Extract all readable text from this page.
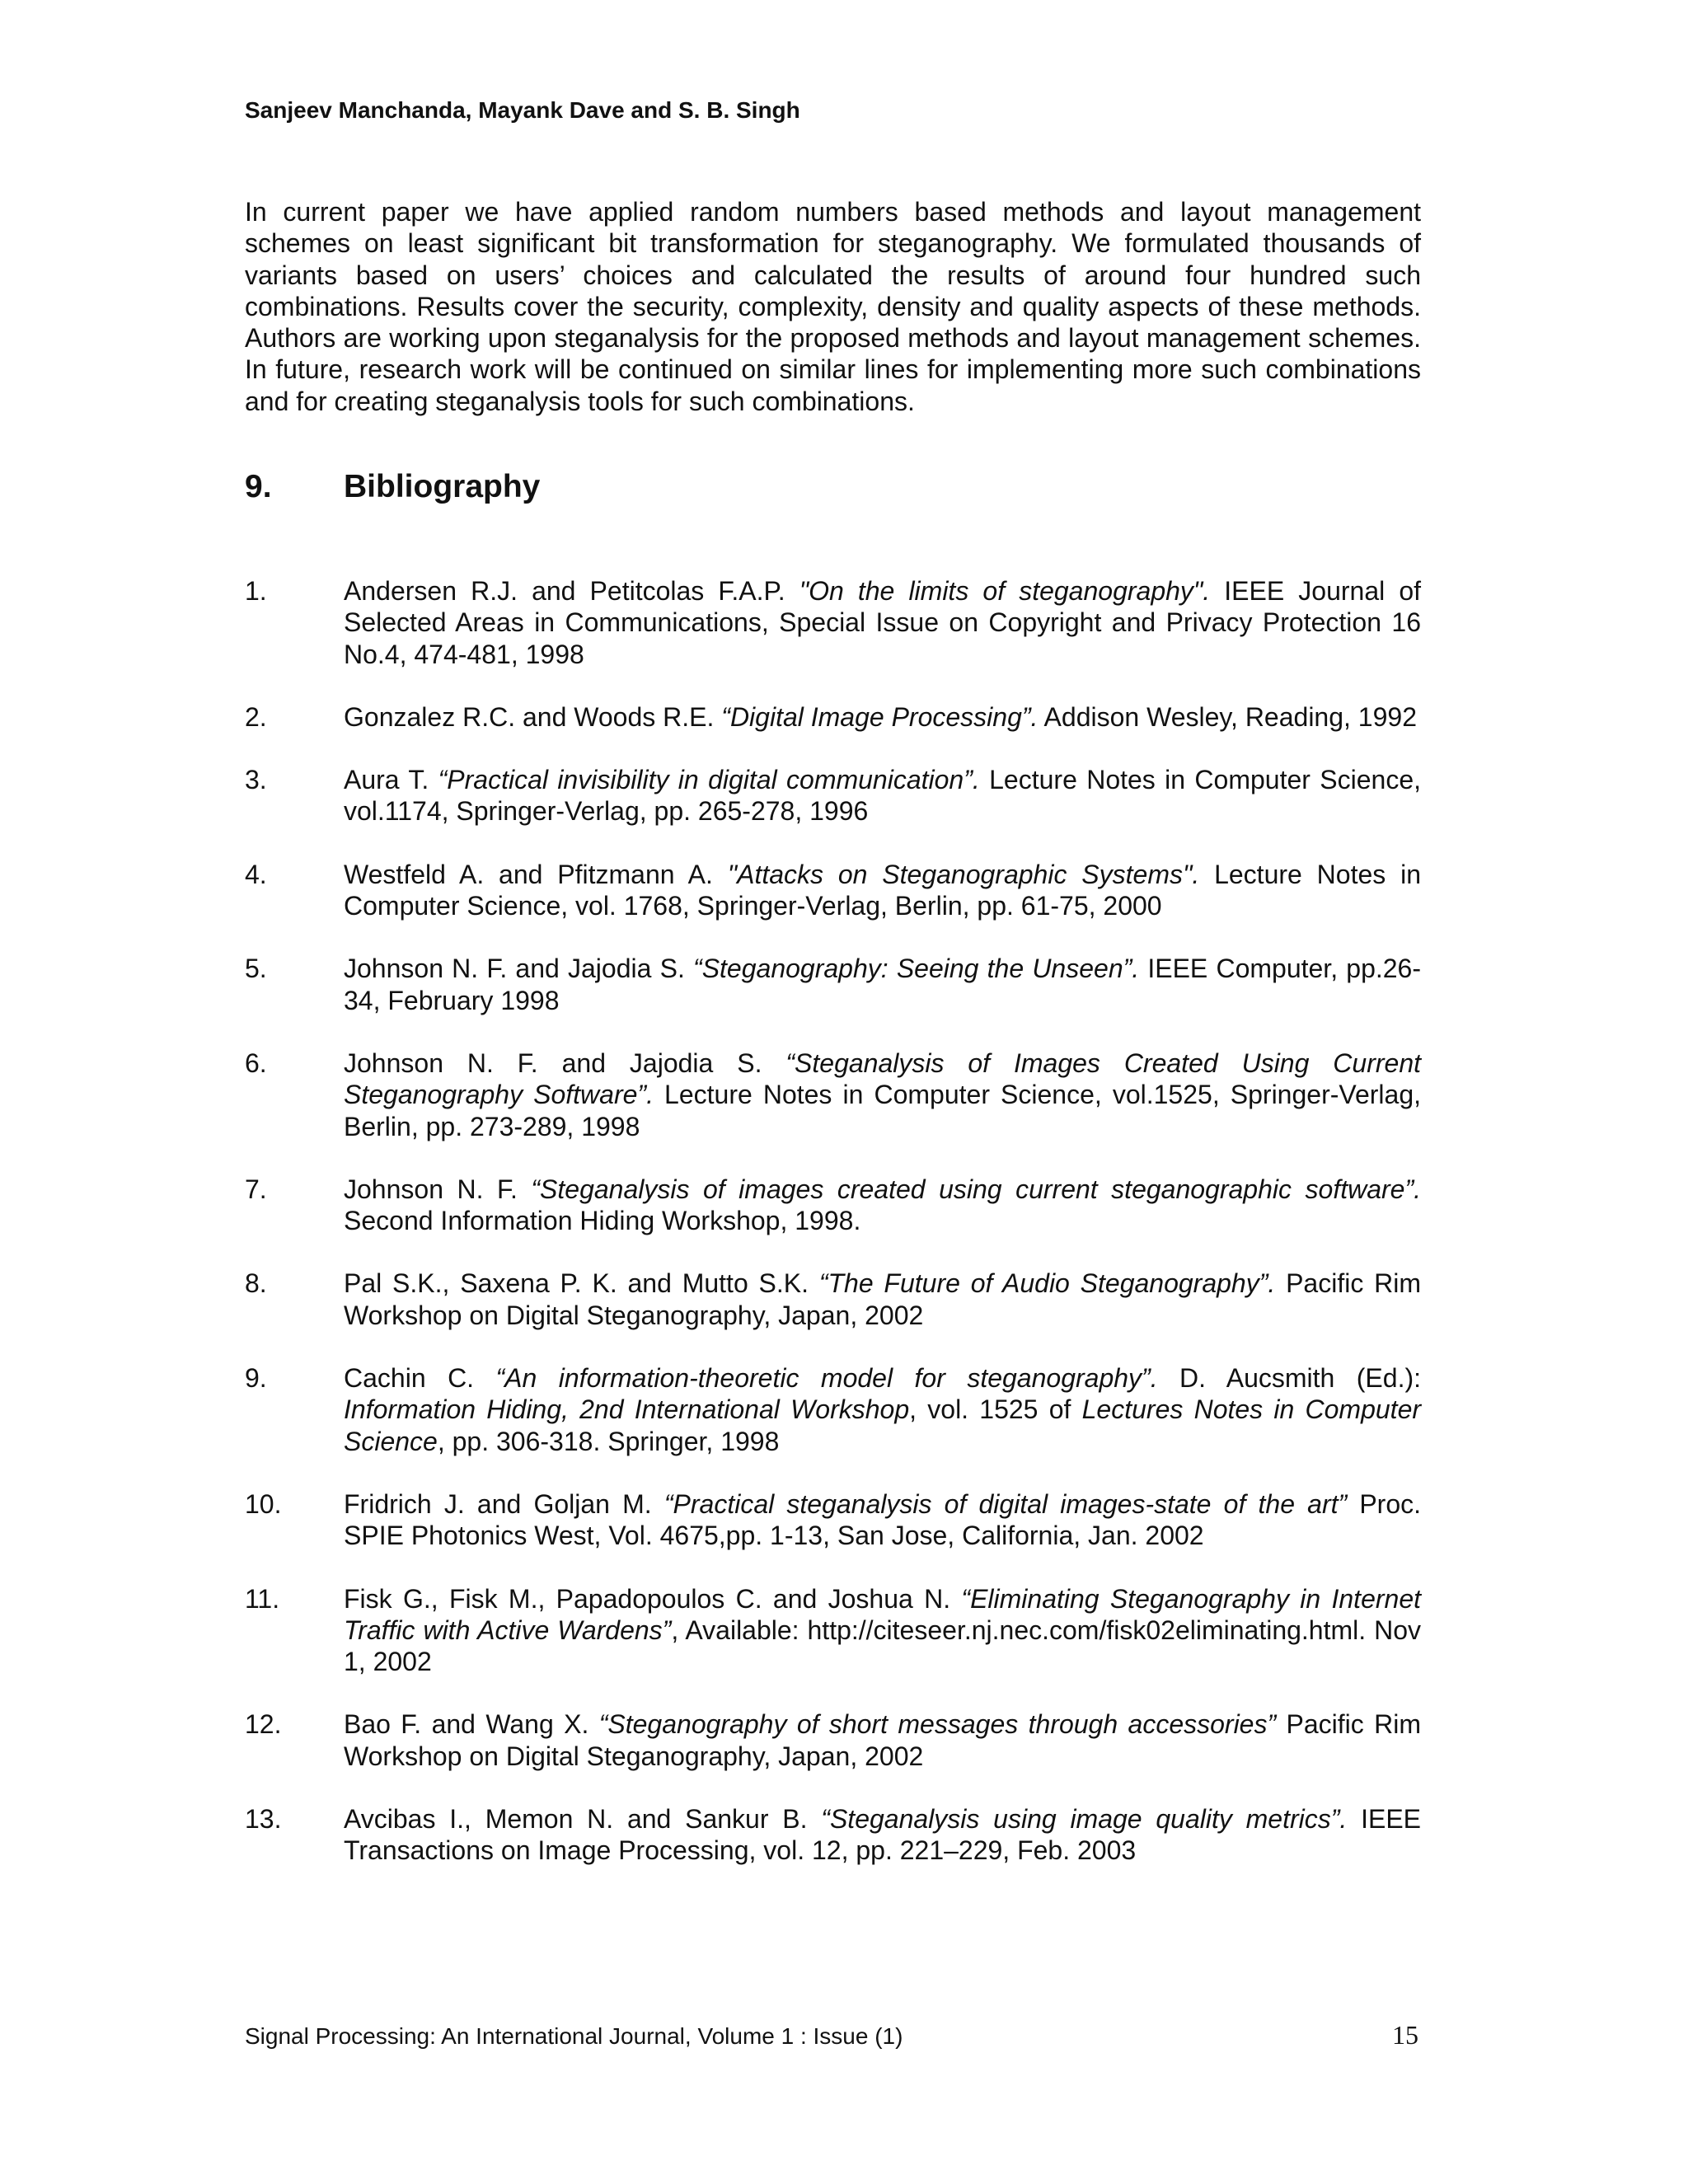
Sanjeev Manchanda, Mayank Dave and S. B. Singh

In current paper we have applied random numbers based methods and layout management schemes on least significant bit transformation for steganography. We formulated thousands of variants based on users’ choices and calculated the results of around four hundred such combinations. Results cover the security, complexity, density and quality aspects of these methods. Authors are working upon steganalysis for the proposed methods and layout management schemes. In future, research work will be continued on similar lines for implementing more such combinations and for creating steganalysis tools for such combinations.

9. Bibliography
1.	Andersen R.J. and Petitcolas F.A.P. "On the limits of steganography". IEEE Journal of Selected Areas in Communications, Special Issue on Copyright and Privacy Protection 16 No.4, 474-481, 1998
2.	Gonzalez R.C. and Woods R.E. “Digital Image Processing”. Addison Wesley, Reading, 1992
3.	Aura T. “Practical invisibility in digital communication”. Lecture Notes in Computer Science, vol.1174, Springer-Verlag, pp. 265-278, 1996
4.	Westfeld A. and Pfitzmann A. "Attacks on Steganographic Systems". Lecture Notes in Computer Science, vol. 1768, Springer-Verlag, Berlin, pp. 61-75, 2000
5.	Johnson N. F. and Jajodia S. “Steganography: Seeing the Unseen”. IEEE Computer, pp.26-34, February 1998
6.	Johnson N. F. and Jajodia S. “Steganalysis of Images Created Using Current Steganography Software”. Lecture Notes in Computer Science, vol.1525, Springer-Verlag, Berlin, pp. 273-289, 1998
7.	Johnson N. F. “Steganalysis of images created using current steganographic software”. Second Information Hiding Workshop, 1998.
8.	Pal S.K., Saxena P. K. and Mutto S.K. “The Future of Audio Steganography”. Pacific Rim Workshop on Digital Steganography, Japan, 2002
9.	Cachin C. “An information-theoretic model for steganography”. D. Aucsmith (Ed.): Information Hiding, 2nd International Workshop, vol. 1525 of Lectures Notes in Computer Science, pp. 306-318. Springer, 1998
10.	Fridrich J. and Goljan M. “Practical steganalysis of digital images-state of the art” Proc. SPIE Photonics West, Vol. 4675,pp. 1-13, San Jose, California, Jan. 2002
11.	Fisk G., Fisk M., Papadopoulos C. and Joshua N. “Eliminating Steganography in Internet Traffic with Active Wardens”, Available: http://citeseer.nj.nec.com/fisk02eliminating.html. Nov 1, 2002
12.	Bao F. and Wang X. “Steganography of short messages through accessories” Pacific Rim Workshop on Digital Steganography, Japan, 2002
13.	Avcibas I., Memon N. and Sankur B. “Steganalysis using image quality metrics”. IEEE Transactions on Image Processing, vol. 12, pp. 221–229, Feb. 2003
Signal Processing: An International Journal, Volume 1 : Issue (1)	15
